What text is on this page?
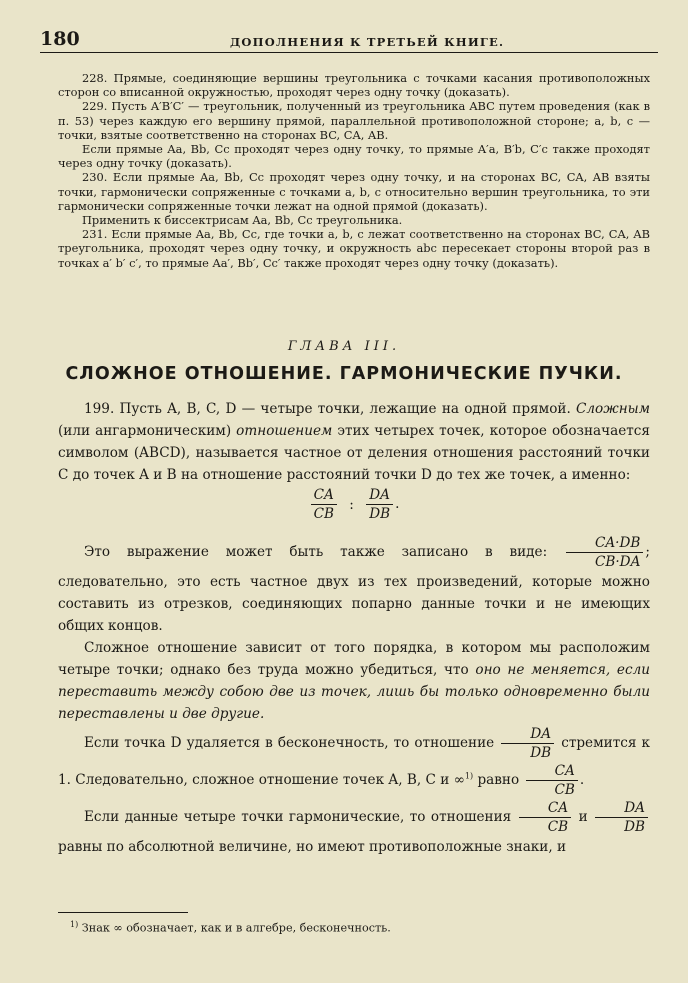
180	ДОПОЛНЕНИЯ К ТРЕТЬЕЙ КНИГЕ.

228. Прямые, соединяющие вершины треугольника с точками касания противоположных сторон со вписанной окружностью, проходят через одну точку (доказать).

229. Пусть A′B′C′ — треугольник, полученный из треугольника ABC путем проведения (как в п. 53) через каждую его вершину прямой, параллельной противоположной стороне; a, b, c — точки, взятые соответственно на сторонах BC, CA, AB.

Если прямые Aa, Bb, Cc проходят через одну точку, то прямые A′a, B′b, C′c также проходят через одну точку (доказать).

230. Если прямые Aa, Bb, Cc проходят через одну точку, и на сторонах BC, CA, AB взяты точки, гармонически сопряженные с точками a, b, c относительно вершин треугольника, то эти гармонически сопряженные точки лежат на одной прямой (доказать).

Применить к биссектрисам Aa, Bb, Cc треугольника.

231. Если прямые Aa, Bb, Cc, где точки a, b, c лежат соответственно на сторонах BC, CA, AB треугольника, проходят через одну точку, и окружность abc пересекает стороны второй раз в точках a′ b′ c′, то прямые Aa′, Bb′, Cc′ также проходят через одну точку (доказать).

ГЛАВА III.
СЛОЖНОЕ ОТНОШЕНИЕ. ГАРМОНИЧЕСКИЕ ПУЧКИ.

199. Пусть A, B, C, D — четыре точки, лежащие на одной прямой. Сложным (или ангармоническим) отношением этих четырех точек, которое обозначается символом (ABCD), называется частное от деления отношения расстояний точки C до точек A и B на отношение расстояний точки D до тех же точек, а именно:

$\frac{CA}{CB}$ : $\frac{DA}{DB}$ .

Это выражение может быть также записано в виде: $\frac{CA\cdot DB}{CB\cdot DA}$ ; следовательно, это есть частное двух из тех произведений, которые можно составить из отрезков, соединяющих попарно данные точки и не имеющих общих концов.

Сложное отношение зависит от того порядка, в котором мы расположим четыре точки; однако без труда можно убедиться, что оно не меняется, если переставить между собою две из точек, лишь бы только одновременно были переставлены и две другие.

Если точка D удаляется в бесконечность, то отношение $\frac{DA}{DB}$ стремится к 1. Следовательно, сложное отношение точек A, B, C и ∞$^{1)}$ равно $\frac{CA}{CB}$ .

Если данные четыре точки гармонические, то отношения $\frac{CA}{CB}$ и $\frac{DA}{DB}$
равны по абсолютной величине, но имеют противоположные знаки, и

$^{1)}$ Знак ∞ обозначает, как и в алгебре, бесконечность.
